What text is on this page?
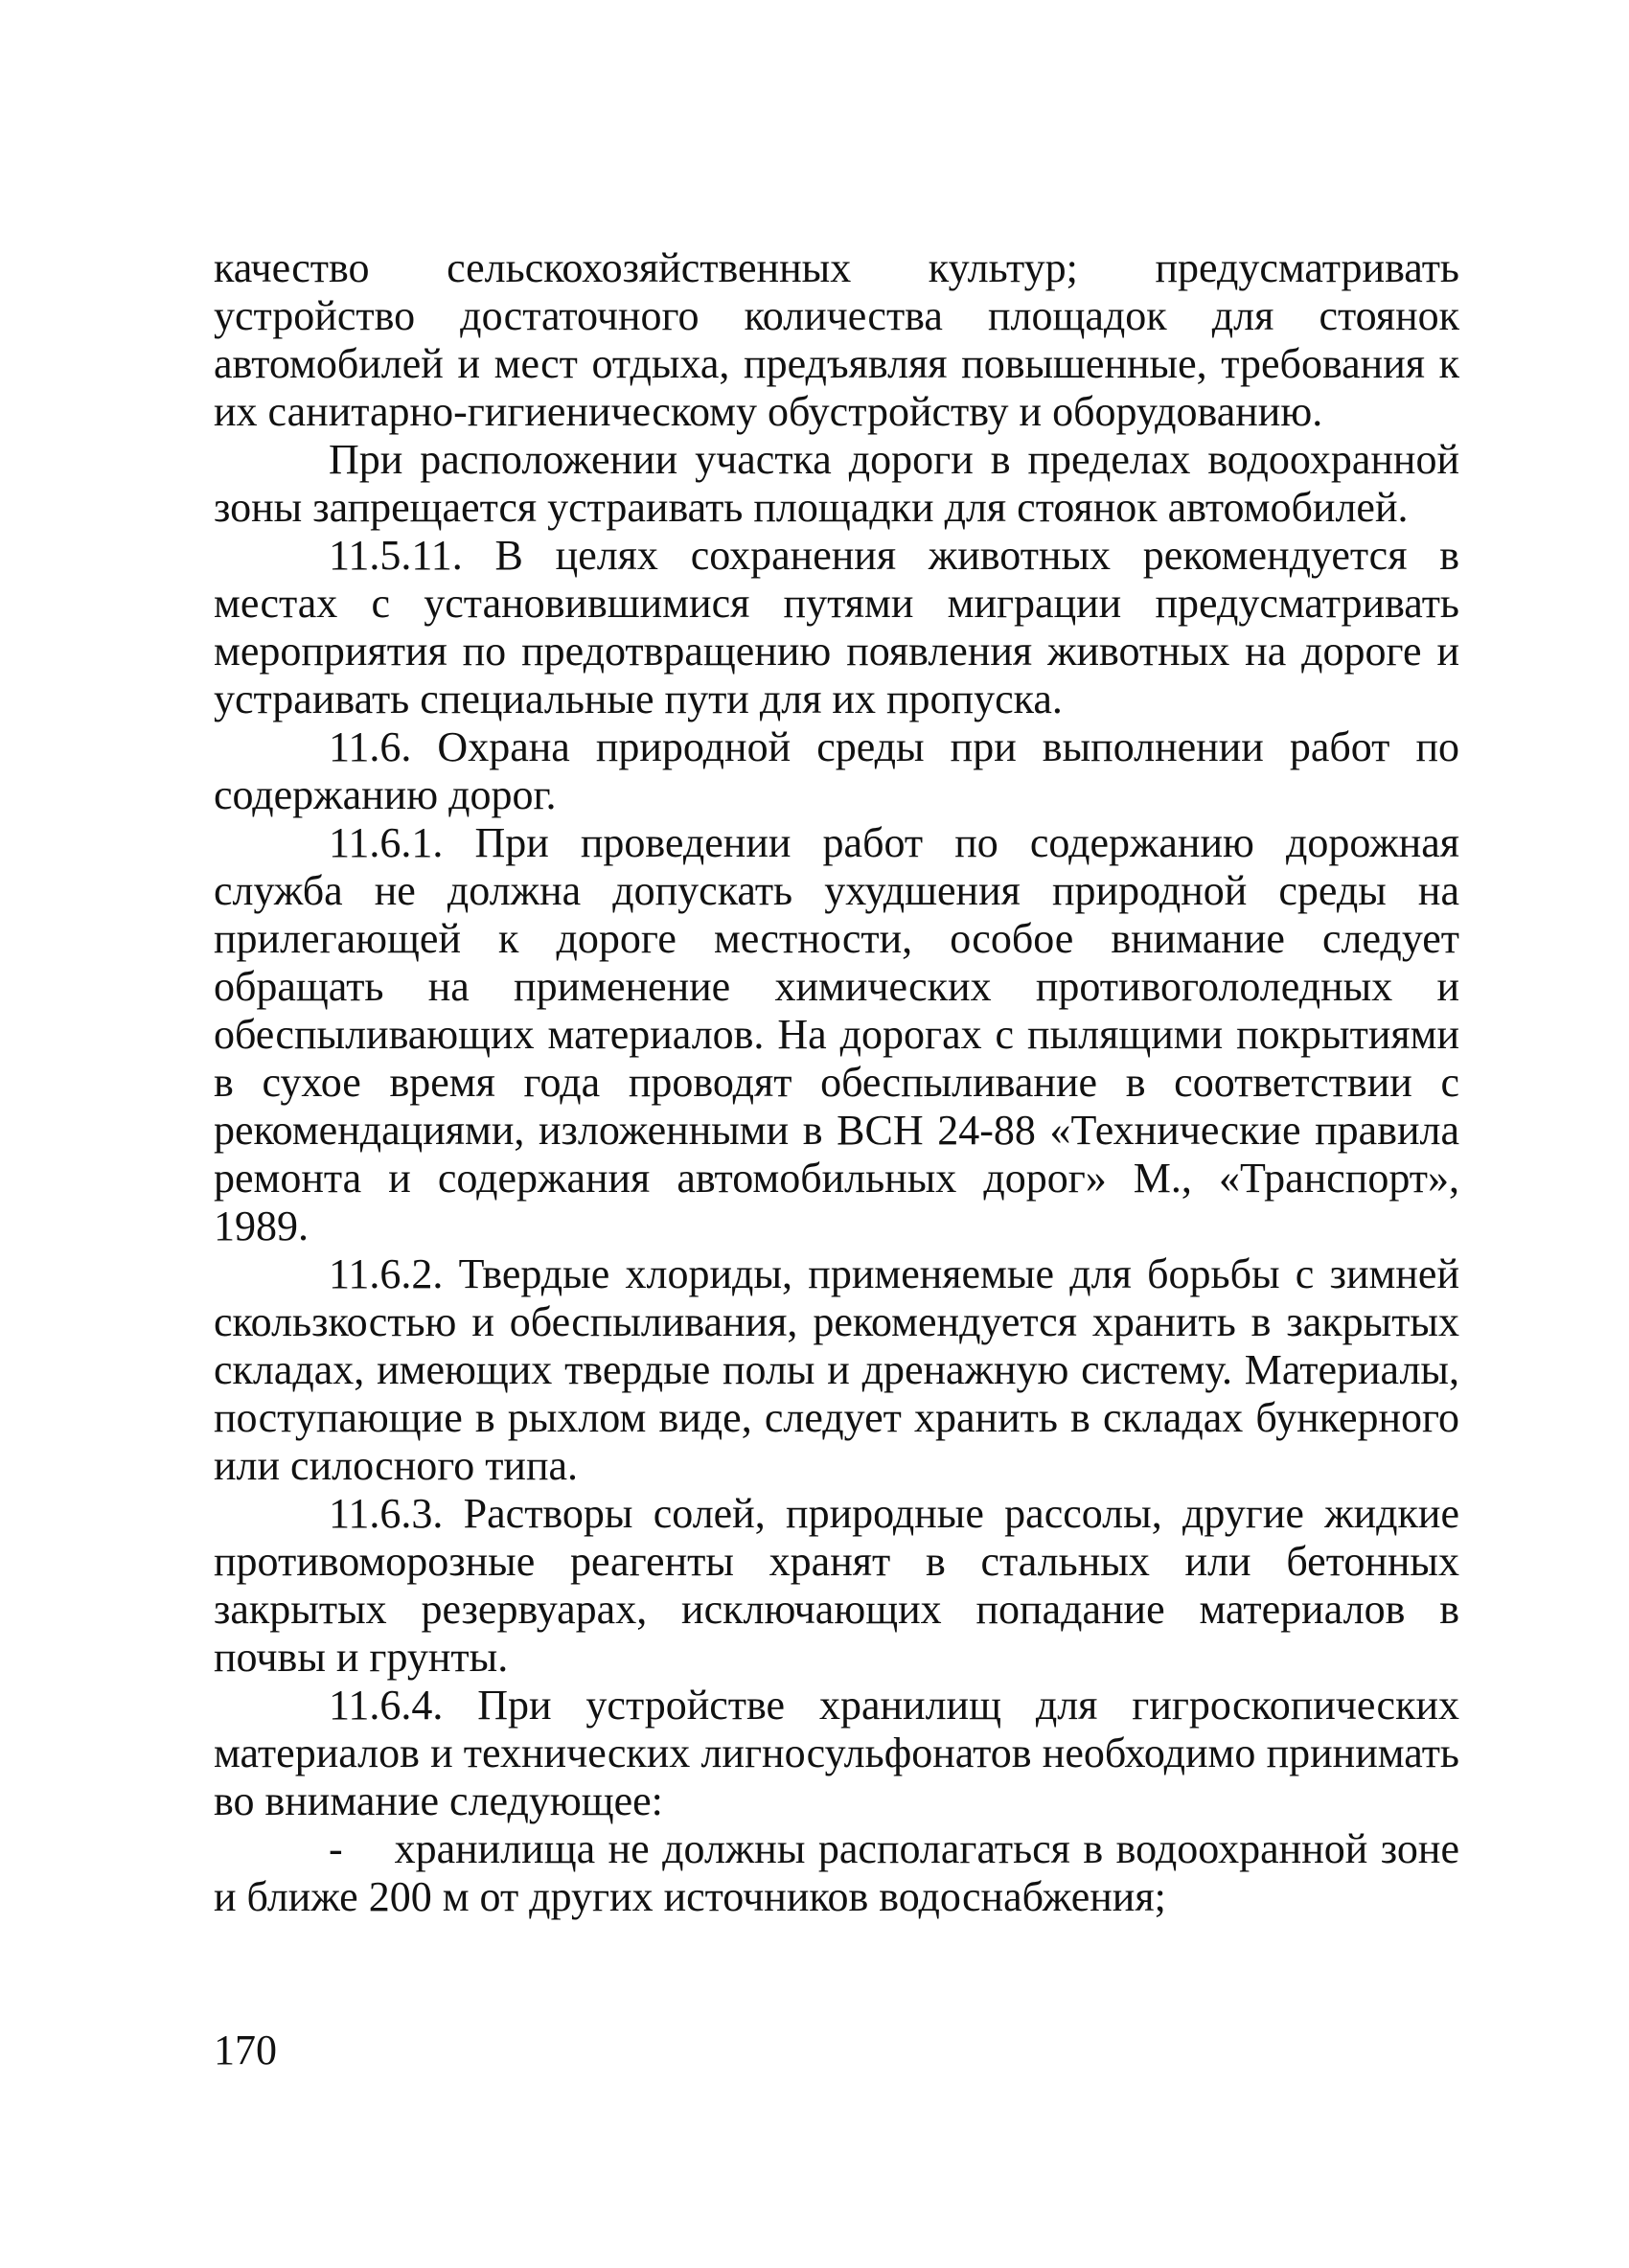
качество сельскохозяйственных культур; предусматривать устройство достаточного количества площадок для стоянок автомобилей и мест отдыха, предъявляя повышенные, требования к их санитарно-гигиеническому обустройству и оборудованию.

При расположении участка дороги в пределах водоохранной зоны запрещается устраивать площадки для стоянок автомобилей.

11.5.11. В целях сохранения животных рекомендуется в местах с установившимися путями миграции предусматривать мероприятия по предотвращению появления животных на дороге и устраивать специальные пути для их пропуска.

11.6. Охрана природной среды при выполнении работ по содержанию дорог.

11.6.1. При проведении работ по содержанию дорожная служба не должна допускать ухудшения природной среды на прилегающей к дороге местности, особое внимание следует обращать на применение химических противогололедных и обеспыливающих материалов. На дорогах с пылящими покрытиями в сухое время года проводят обеспыливание в соответствии с рекомендациями, изложенными в ВСН 24-88 «Технические правила ремонта и содержания автомобильных дорог» М., «Транспорт», 1989.

11.6.2. Твердые хлориды, применяемые для борьбы с зимней скользкостью и обеспыливания, рекомендуется хранить в закрытых складах, имеющих твердые полы и дренажную систему. Материалы, поступающие в рыхлом виде, следует хранить в складах бункерного или силосного типа.

11.6.3. Растворы солей, природные рассолы, другие жидкие противоморозные реагенты хранят в стальных или бетонных закрытых резервуарах, исключающих попадание материалов в почвы и грунты.

11.6.4. При устройстве хранилищ для гигроскопических материалов и технических лигносульфонатов необходимо принимать во внимание следующее:

-    хранилища не должны располагаться в водоохранной зоне и ближе 200 м от других источников водоснабжения;

170
